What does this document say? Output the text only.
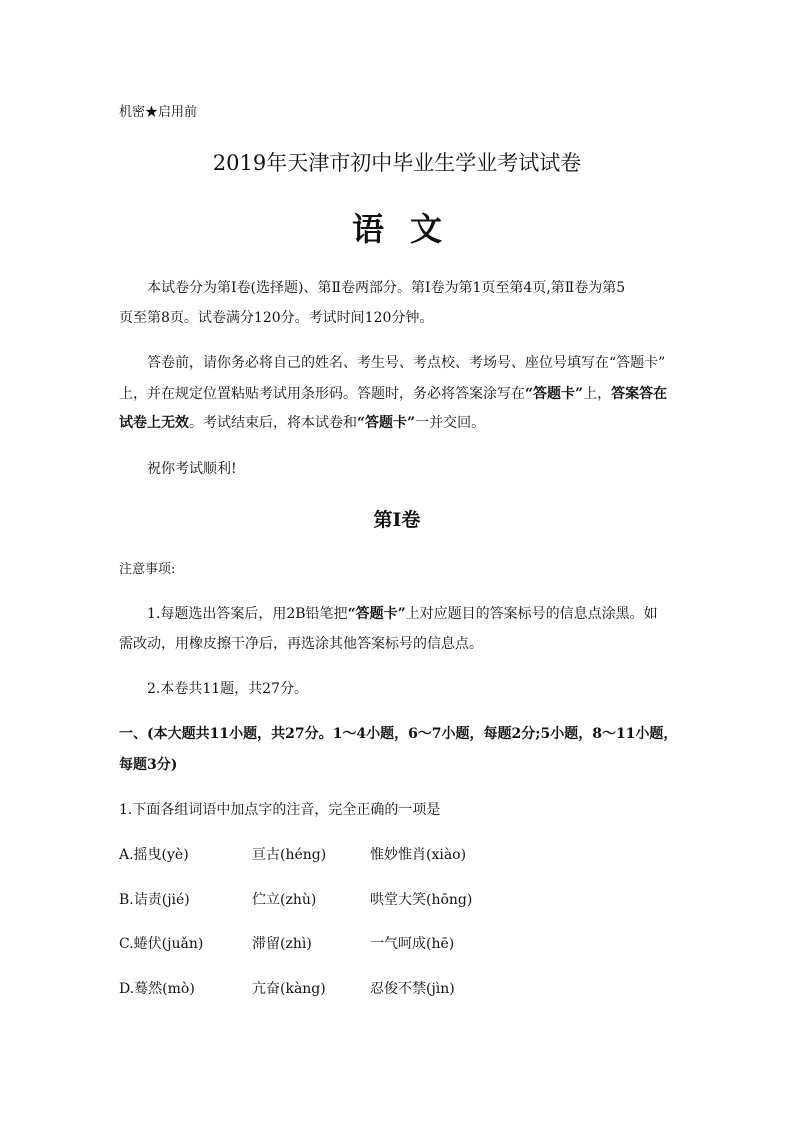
机密★启用前
2019年天津市初中毕业生学业考试试卷
语文
本试卷分为第Ⅰ卷(选择题)、第Ⅱ卷两部分。第Ⅰ卷为第1页至第4页,第Ⅱ卷为第5
页至第8页。试卷满分120分。考试时间120分钟。
答卷前，请你务必将自己的姓名、考生号、考点校、考场号、座位号填写在“答题卡”
上，并在规定位置粘贴考试用条形码。答题时，务必将答案涂写在“答题卡”上，答案答在
试卷上无效。考试结束后，将本试卷和“答题卡”一并交回。
祝你考试顺利!
第Ⅰ卷
注意事项:
1.每题选出答案后，用2B铅笔把“答题卡”上对应题目的答案标号的信息点涂黑。如
需改动，用橡皮擦干净后，再选涂其他答案标号的信息点。
2.本卷共11题，共27分。
一、(本大题共11小题，共27分。1～4小题，6～7小题，每题2分;5小题，8～11小题，
每题3分)
1.下面各组词语中加点字的注音，完全正确的一项是
A.摇曳(yè)	亘古(héng)	惟妙惟肖(xiào)
B.诘责(jié)	伫立(zhù)	哄堂大笑(hōng)
C.蜷伏(juǎn)	滞留(zhì)	一气呵成(hē)
D.蓦然(mò)	亢奋(kàng)	忍俊不禁(jìn)
